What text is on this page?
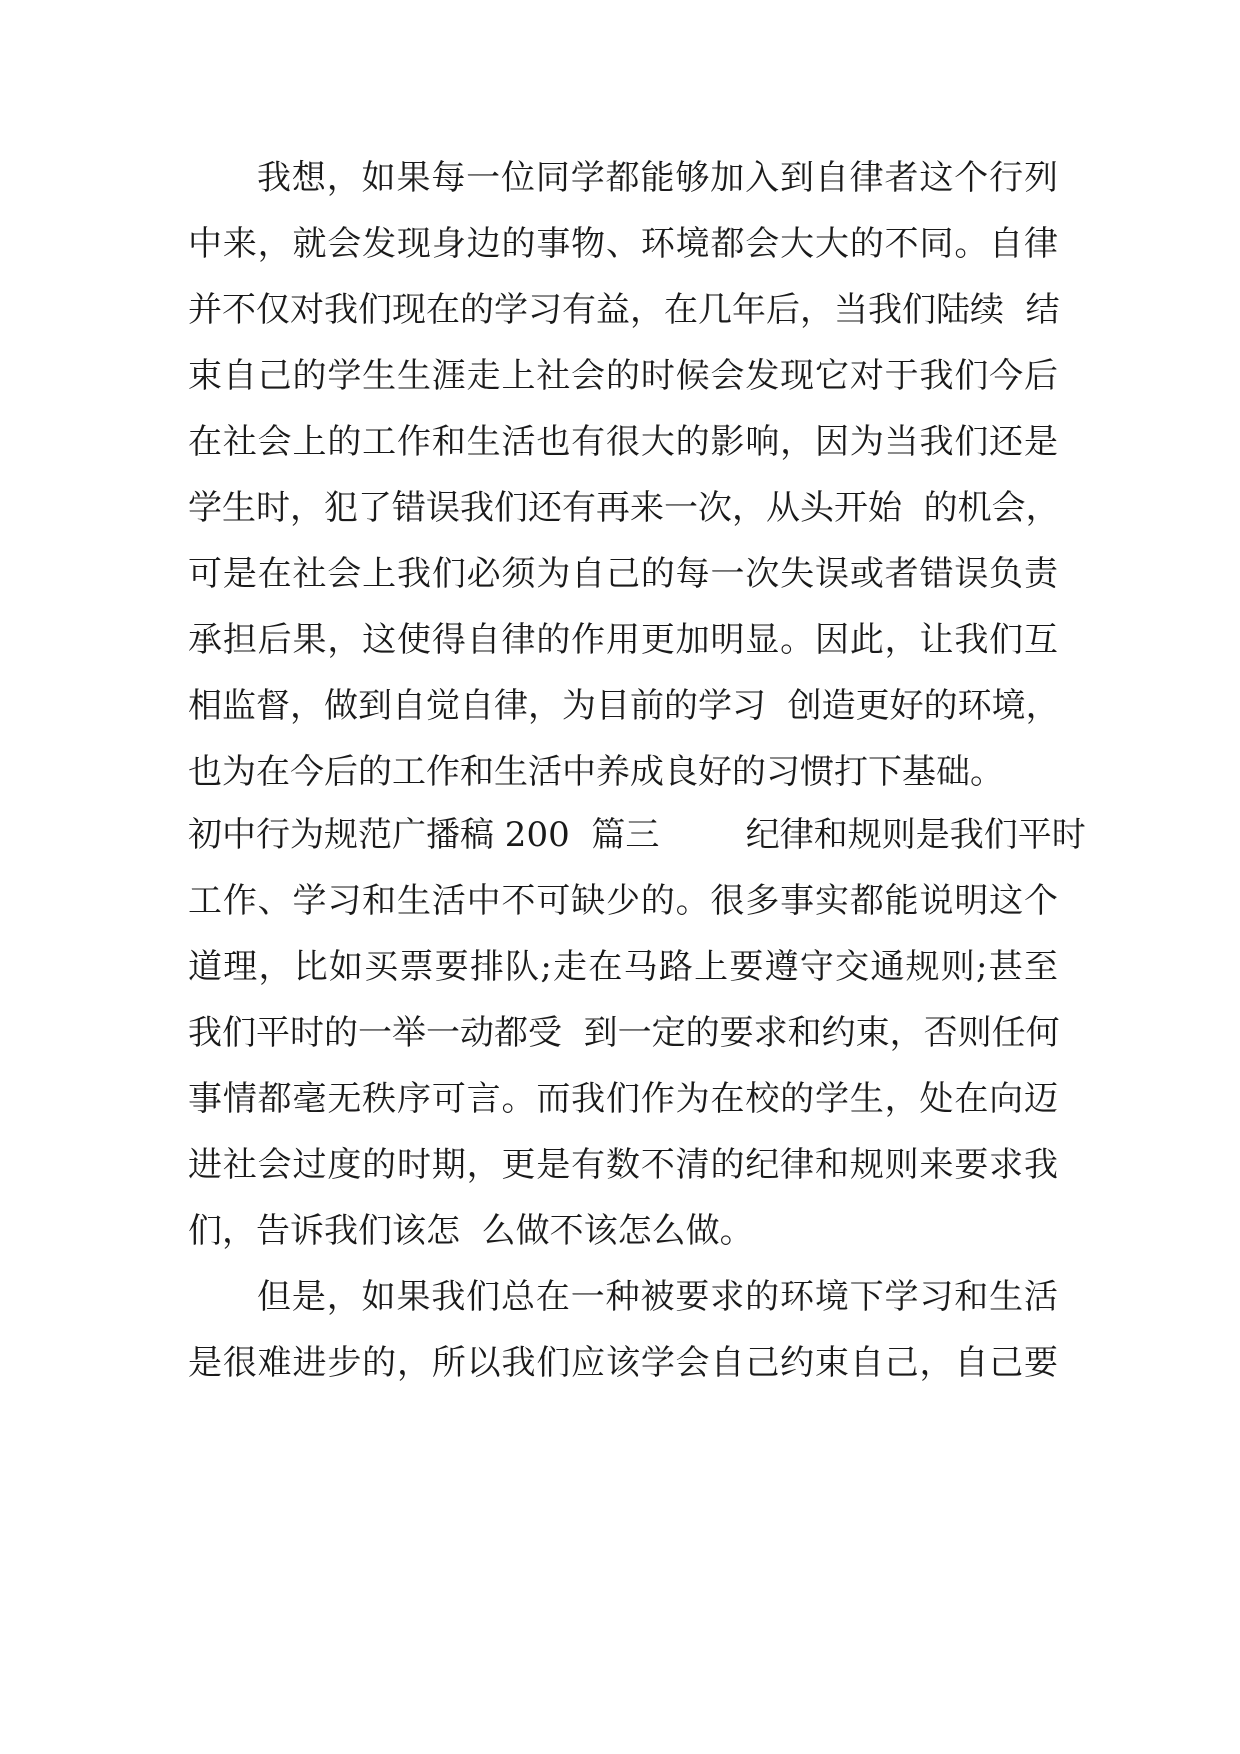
我想，如果每一位同学都能够加入到自律者这个行列
中来，就会发现身边的事物、环境都会大大的不同。自律
并不仅对我们现在的学习有益，在几年后，当我们陆续  结
束自己的学生生涯走上社会的时候会发现它对于我们今后
在社会上的工作和生活也有很大的影响，因为当我们还是
学生时，犯了错误我们还有再来一次，从头开始  的机会，
可是在社会上我们必须为自己的每一次失误或者错误负责
承担后果，这使得自律的作用更加明显。因此，让我们互
相监督，做到自觉自律，为目前的学习  创造更好的环境，
也为在今后的工作和生活中养成良好的习惯打下基础。
初中行为规范广播稿 200  篇三        纪律和规则是我们平时
工作、学习和生活中不可缺少的。很多事实都能说明这个
道理，比如买票要排队;走在马路上要遵守交通规则;甚至
我们平时的一举一动都受  到一定的要求和约束，否则任何
事情都毫无秩序可言。而我们作为在校的学生，处在向迈
进社会过度的时期，更是有数不清的纪律和规则来要求我
们，告诉我们该怎  么做不该怎么做。
但是，如果我们总在一种被要求的环境下学习和生活
是很难进步的，所以我们应该学会自己约束自己，自己要
